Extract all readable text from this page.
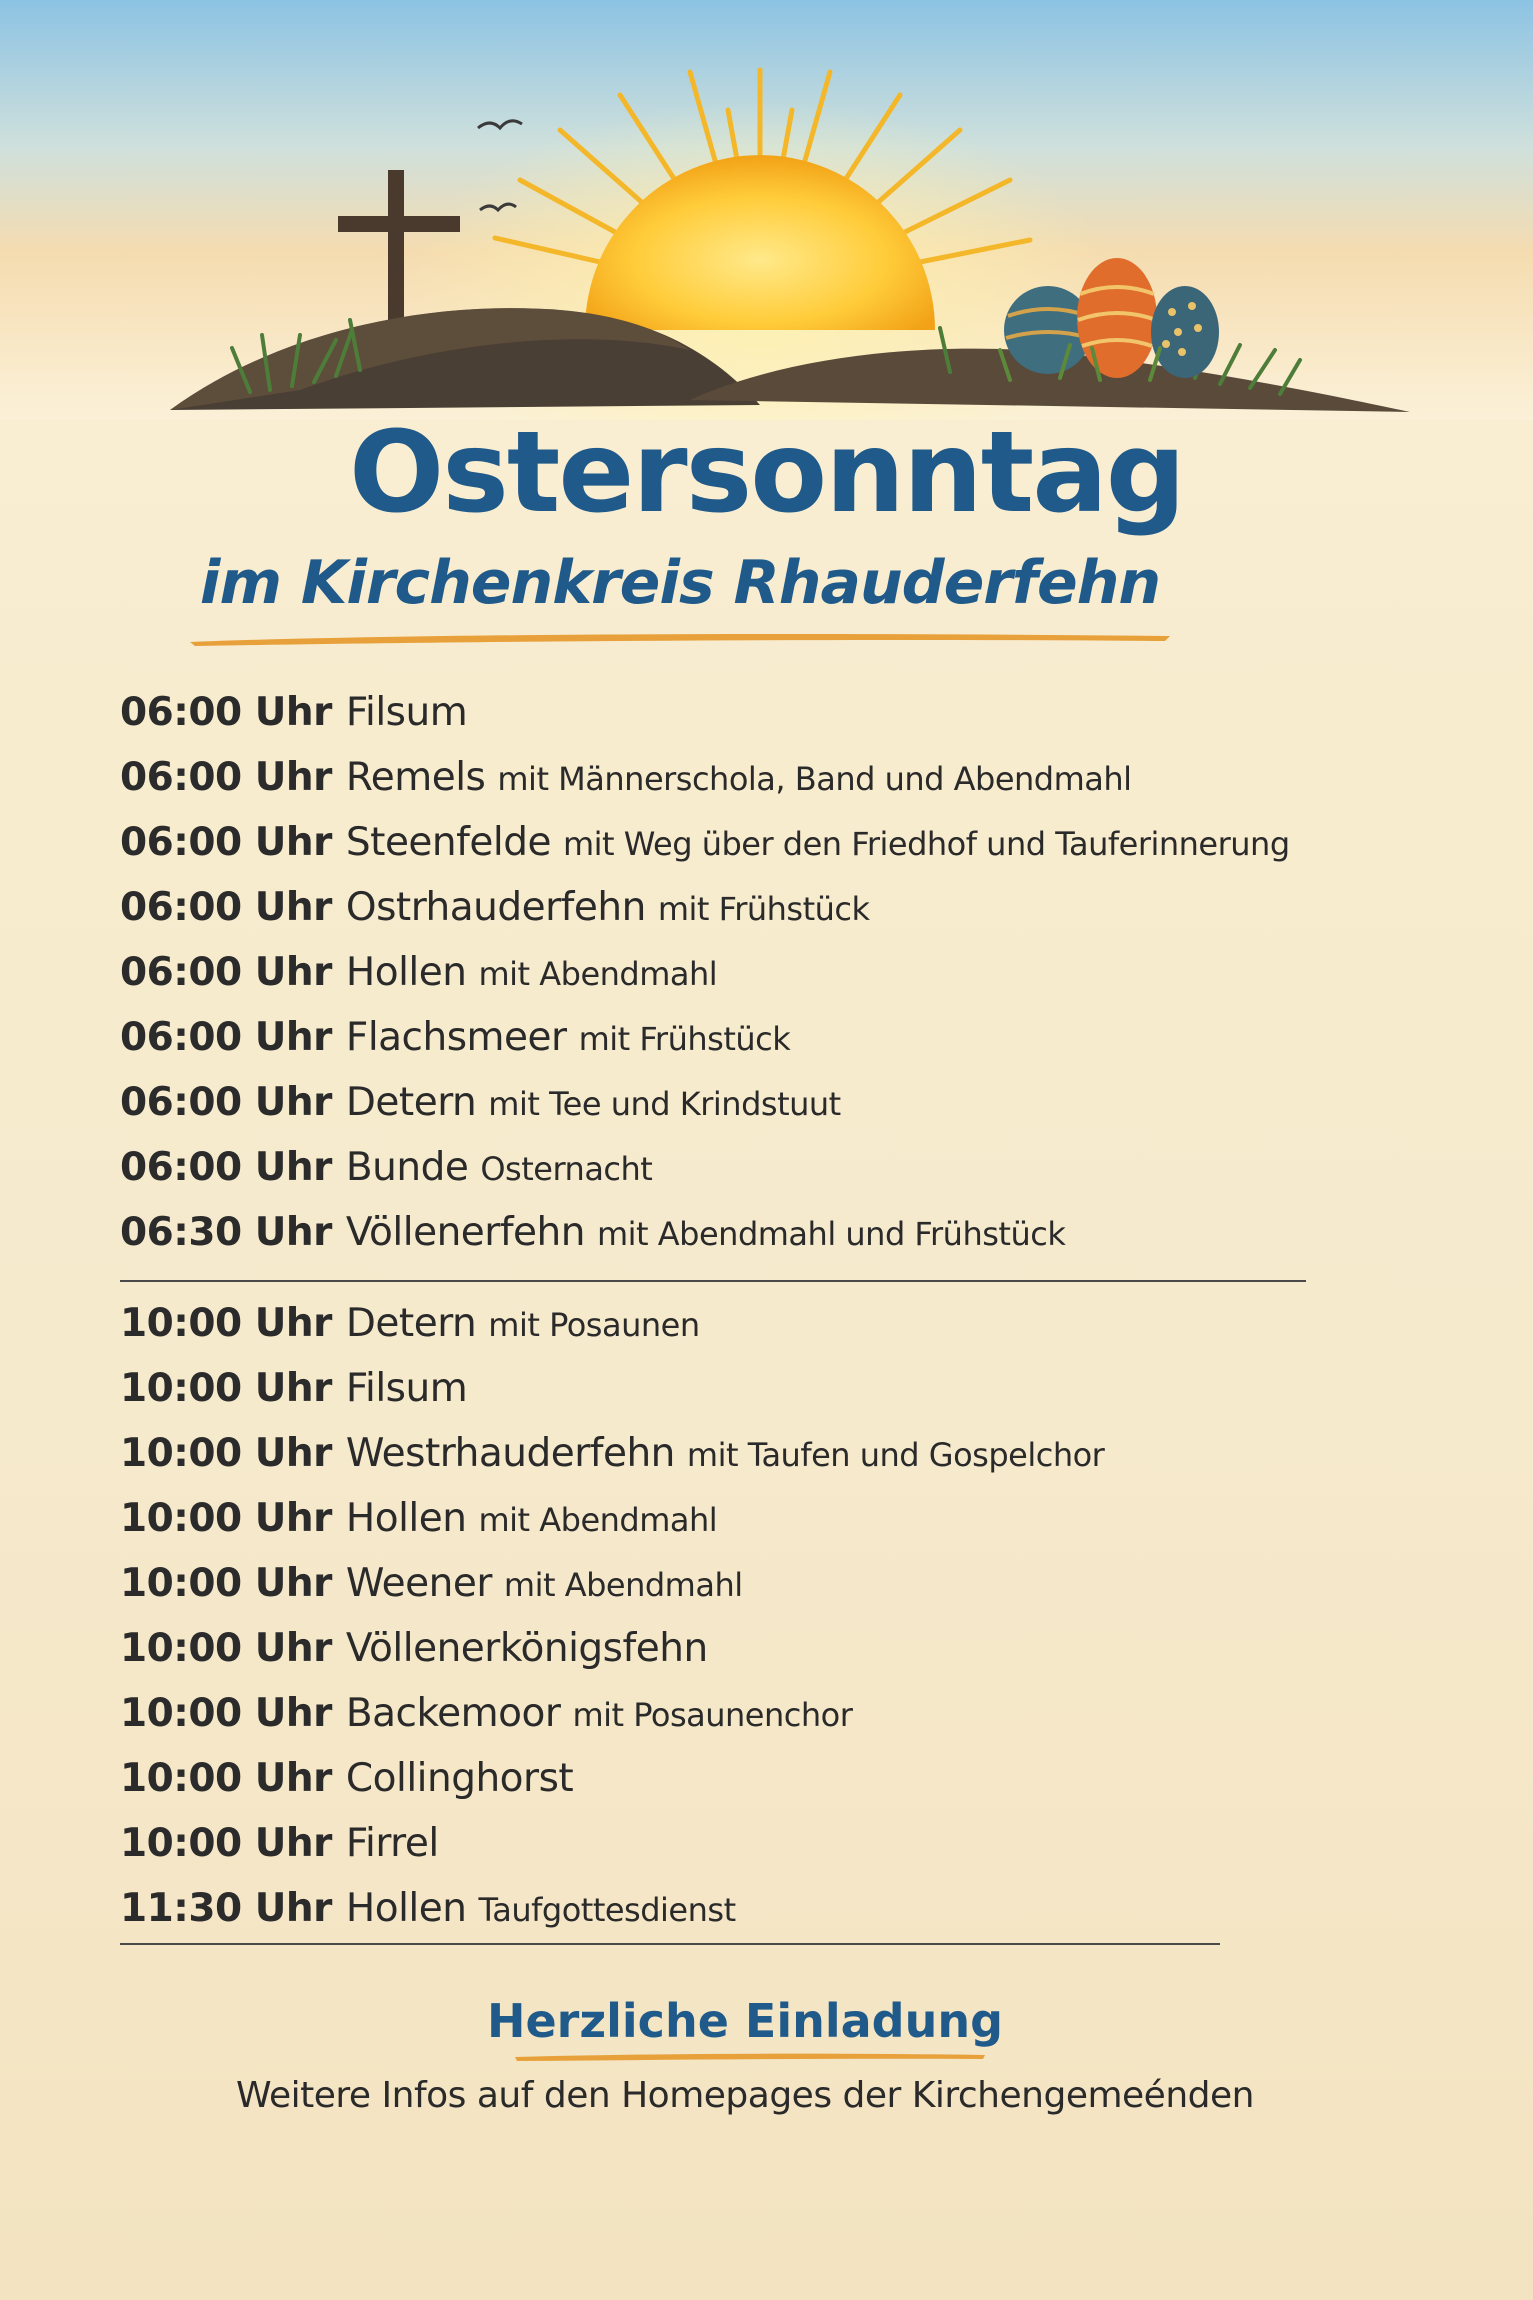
Ostersonntag
im Kirchenkreis Rhauderfehn
06:00 Uhr Filsum
06:00 Uhr Remels mit Männerschola, Band und Abendmahl
06:00 Uhr Steenfelde mit Weg über den Friedhof und Tauferinnerung
06:00 Uhr Ostrhauderfehn mit Frühstück
06:00 Uhr Hollen mit Abendmahl
06:00 Uhr Flachsmeer mit Frühstück
06:00 Uhr Detern mit Tee und Krindstuut
06:00 Uhr Bunde Osternacht
06:30 Uhr Völlenerfehn mit Abendmahl und Frühstück
10:00 Uhr Detern mit Posaunen
10:00 Uhr Filsum
10:00 Uhr Westrhauderfehn mit Taufen und Gospelchor
10:00 Uhr Hollen mit Abendmahl
10:00 Uhr Weener mit Abendmahl
10:00 Uhr Völlenerkönigsfehn
10:00 Uhr Backemoor mit Posaunenchor
10:00 Uhr Collinghorst
10:00 Uhr Firrel
11:30 Uhr Hollen Taufgottesdienst

Herzliche Einladung

Weitere Infos auf den Homepages der Kirchengemeénden
